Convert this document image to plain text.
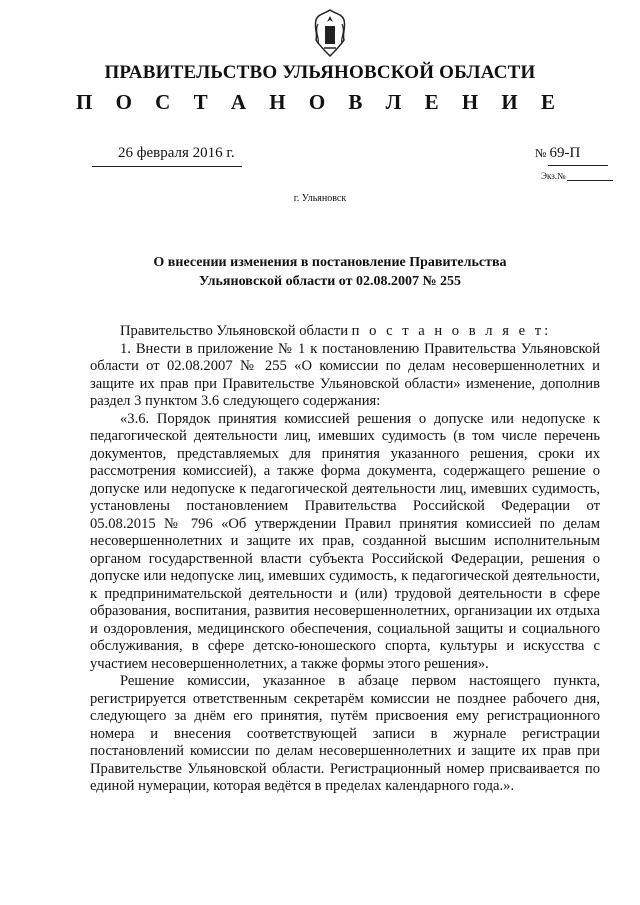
ПРАВИТЕЛЬСТВО УЛЬЯНОВСКОЙ ОБЛАСТИ
П О С Т А Н О В Л Е Н И Е
26 февраля 2016 г.	№ 69-П
Экз.№
г. Ульяновск
О внесении изменения в постановление Правительства
Ульяновской области от 02.08.2007 № 255

Правительство Ульяновской области п о с т а н о в л я е т:

1. Внести в приложение № 1 к постановлению Правительства Ульяновской области от 02.08.2007 № 255 «О комиссии по делам несовершеннолетних и защите их прав при Правительстве Ульяновской области» изменение, дополнив раздел 3 пунктом 3.6 следующего содержания:

«3.6. Порядок принятия комиссией решения о допуске или недопуске к педагогической деятельности лиц, имевших судимость (в том числе перечень документов, представляемых для принятия указанного решения, сроки их рассмотрения комиссией), а также форма документа, содержащего решение о допуске или недопуске к педагогической деятельности лиц, имевших судимость, установлены постановлением Правительства Российской Федерации от 05.08.2015 № 796 «Об утверждении Правил принятия комиссией по делам несовершеннолетних и защите их прав, созданной высшим исполнительным органом государственной власти субъекта Российской Федерации, решения о допуске или недопуске лиц, имевших судимость, к педагогической деятельности, к предпринимательской деятельности и (или) трудовой деятельности в сфере образования, воспитания, развития несовершеннолетних, организации их отдыха и оздоровления, медицинского обеспечения, социальной защиты и социального обслуживания, в сфере детско-юношеского спорта, культуры и искусства с участием несовершеннолетних, а также формы этого решения».

Решение комиссии, указанное в абзаце первом настоящего пункта, регистрируется ответственным секретарём комиссии не позднее рабочего дня, следующего за днём его принятия, путём присвоения ему регистрационного номера и внесения соответствующей записи в журнале регистрации постановлений комиссии по делам несовершеннолетних и защите их прав при Правительстве Ульяновской области. Регистрационный номер присваивается по единой нумерации, которая ведётся в пределах календарного года.».
